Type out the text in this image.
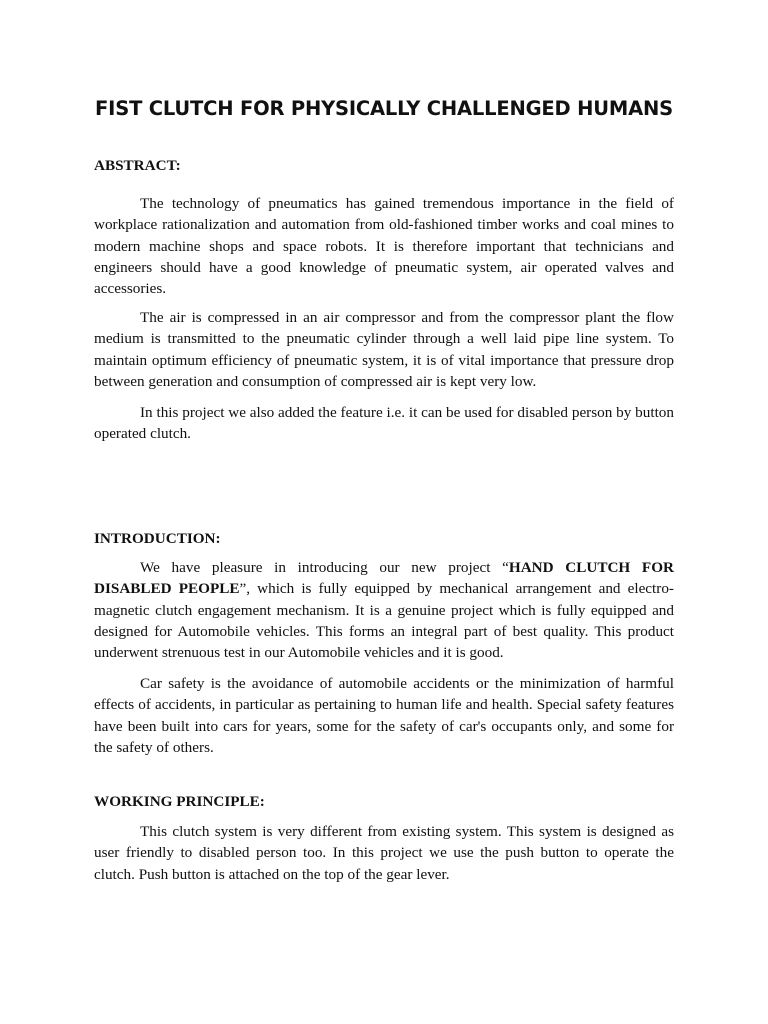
FIST CLUTCH FOR PHYSICALLY CHALLENGED HUMANS

ABSTRACT:

The technology of pneumatics has gained tremendous importance in the field of workplace rationalization and automation from old-fashioned timber works and coal mines to modern machine shops and space robots. It is therefore important that technicians and engineers should have a good knowledge of pneumatic system, air operated valves and accessories.

The air is compressed in an air compressor and from the compressor plant the flow medium is transmitted to the pneumatic cylinder through a well laid pipe line system. To maintain optimum efficiency of pneumatic system, it is of vital importance that pressure drop between generation and consumption of compressed air is kept very low.

In this project we also added the feature i.e. it can be used for disabled person by button operated clutch.

INTRODUCTION:

We have pleasure in introducing our new project “HAND CLUTCH FOR DISABLED PEOPLE”, which is fully equipped by mechanical arrangement and electro-magnetic clutch engagement mechanism. It is a genuine project which is fully equipped and designed for Automobile vehicles. This forms an integral part of best quality. This product underwent strenuous test in our Automobile vehicles and it is good.

Car safety is the avoidance of automobile accidents or the minimization of harmful effects of accidents, in particular as pertaining to human life and health. Special safety features have been built into cars for years, some for the safety of car's occupants only, and some for the safety of others.

WORKING PRINCIPLE:

This clutch system is very different from existing system. This system is designed as user friendly to disabled person too. In this project we use the push button to operate the clutch. Push button is attached on the top of the gear lever.
